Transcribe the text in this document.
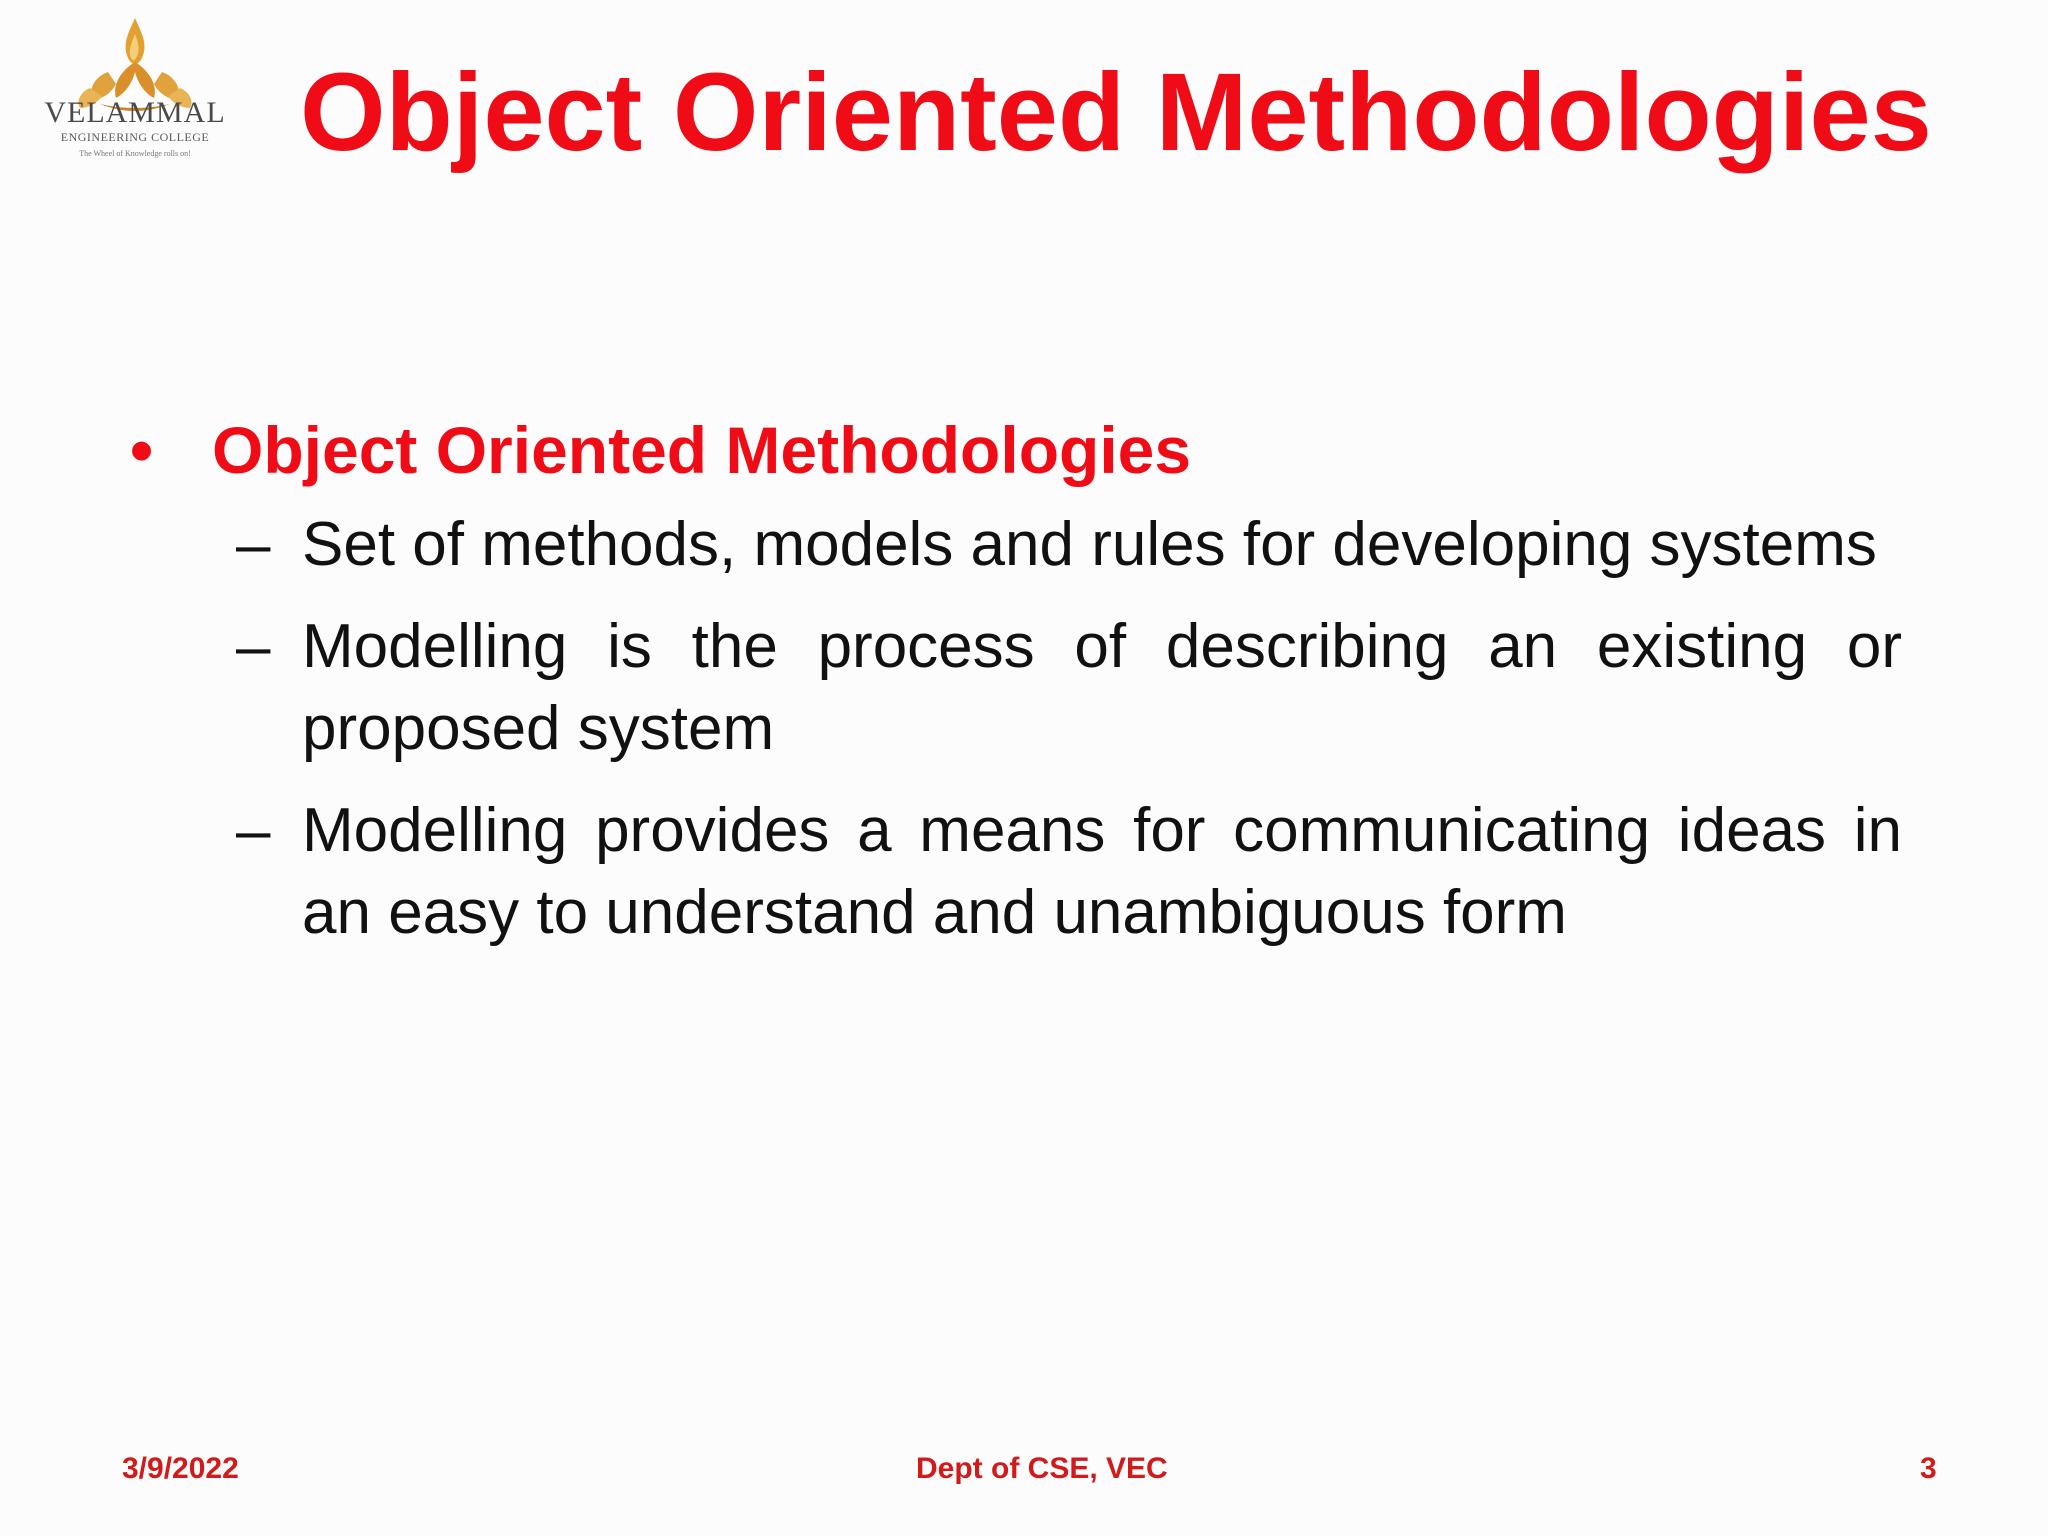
VELAMMAL
ENGINEERING COLLEGE
The Wheel of Knowledge rolls on! Object Oriented Methodologies
• Object Oriented Methodologies
– Set of methods, models and rules for developing systems
– Modelling is the process of describing an existing or proposed system
– Modelling provides a means for communicating ideas in an easy to understand and unambiguous form
3/9/2022	Dept of CSE, VEC	3
